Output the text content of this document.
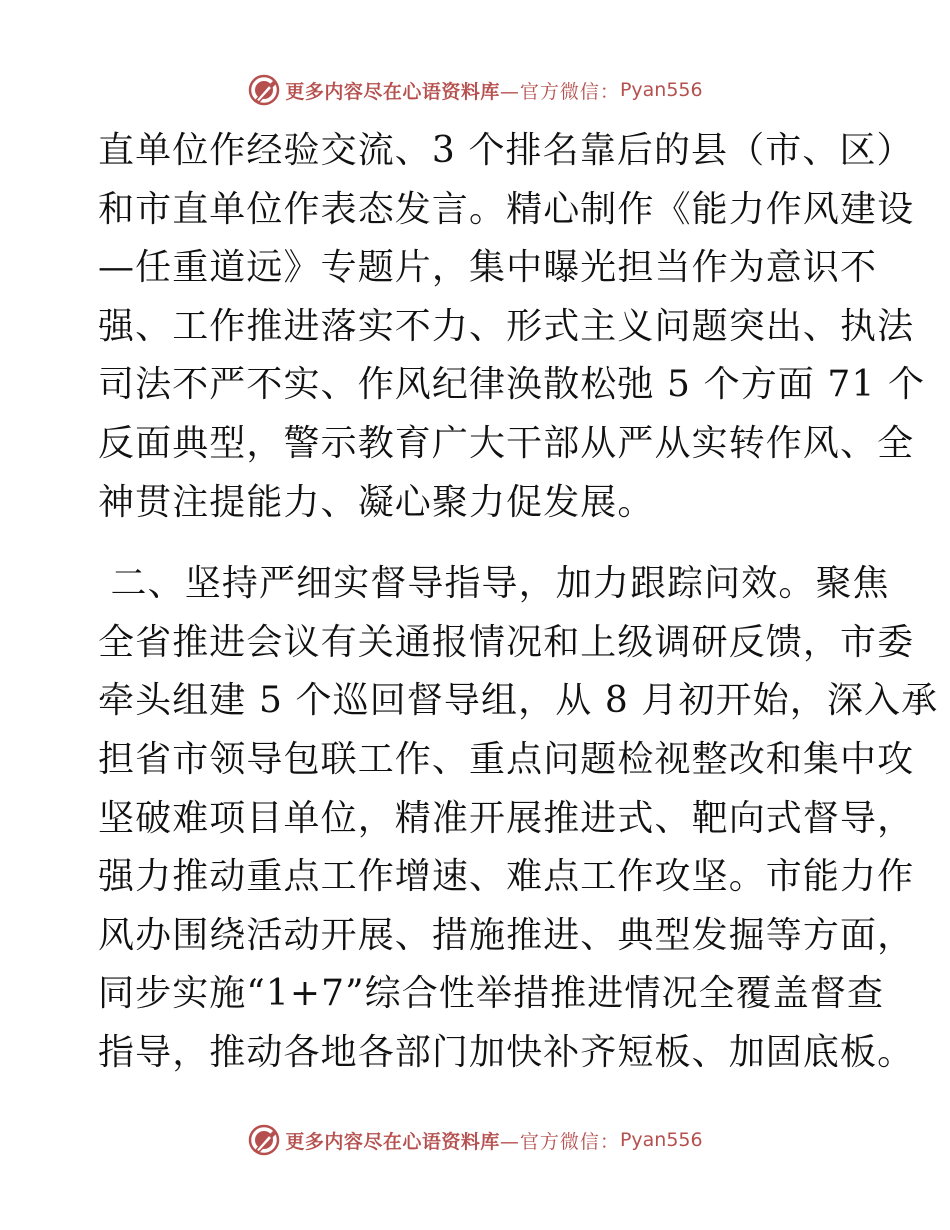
更多内容尽在心语资料库 —官方微信： Pyan556
直单位作经验交流、3 个排名靠后的县（市、区）
和市直单位作表态发言。精心制作《能力作风建设
—任重道远》专题片，集中曝光担当作为意识不
强、工作推进落实不力、形式主义问题突出、执法
司法不严不实、作风纪律涣散松弛 5 个方面 71 个
反面典型，警示教育广大干部从严从实转作风、全
神贯注提能力、凝心聚力促发展。
二、坚持严细实督导指导，加力跟踪问效。聚焦
全省推进会议有关通报情况和上级调研反馈，市委
牵头组建 5 个巡回督导组，从 8 月初开始，深入承
担省市领导包联工作、重点问题检视整改和集中攻
坚破难项目单位，精准开展推进式、靶向式督导，
强力推动重点工作增速、难点工作攻坚。市能力作
风办围绕活动开展、措施推进、典型发掘等方面，
同步实施“1+7”综合性举措推进情况全覆盖督查
指导，推动各地各部门加快补齐短板、加固底板。
更多内容尽在心语资料库 —官方微信： Pyan556
